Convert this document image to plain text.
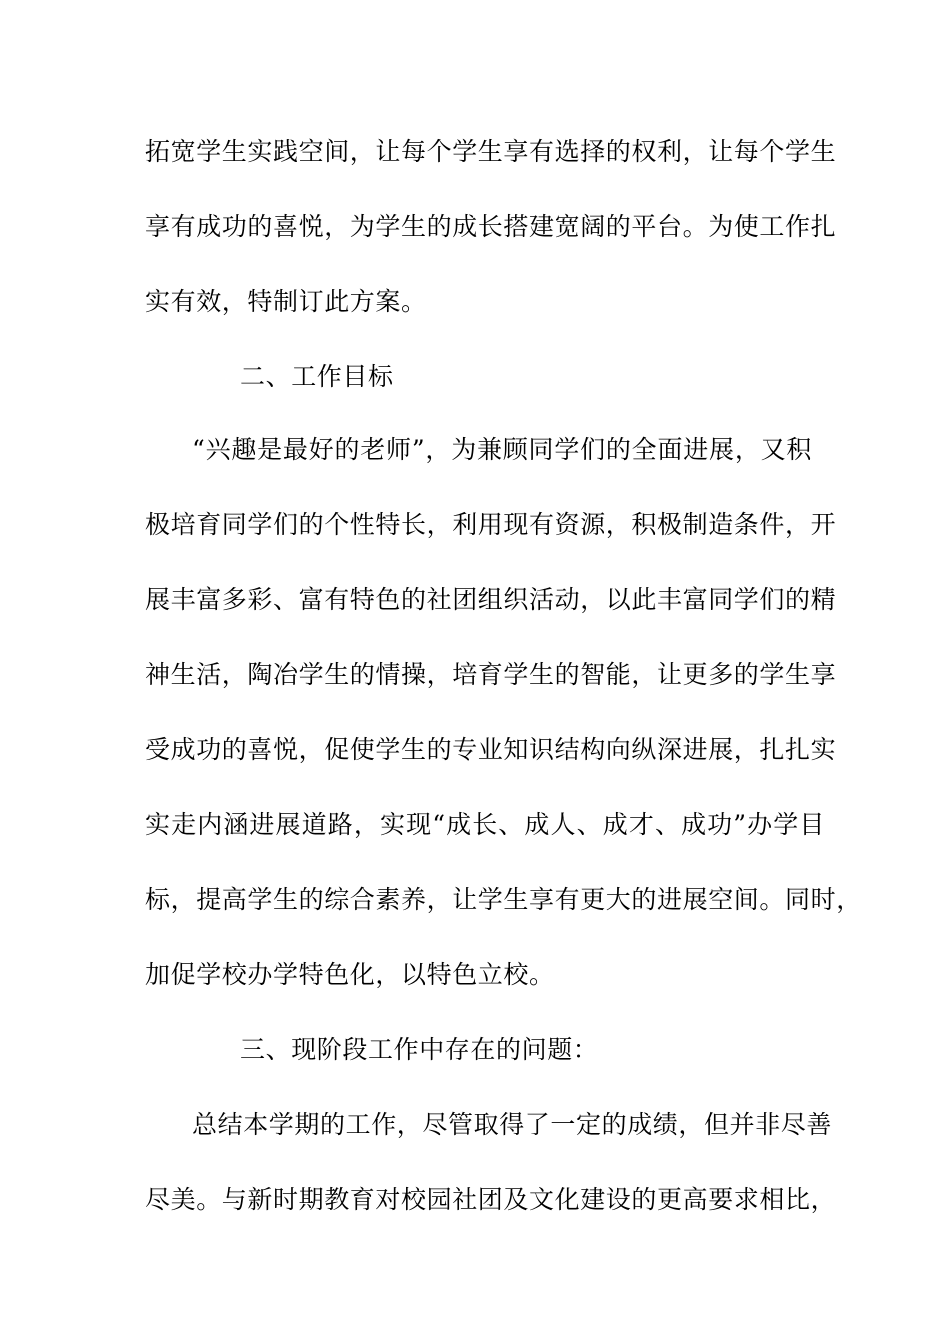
拓宽学生实践空间，让每个学生享有选择的权利，让每个学生
享有成功的喜悦，为学生的成长搭建宽阔的平台。为使工作扎
实有效，特制订此方案。
二、工作目标
“兴趣是最好的老师”，为兼顾同学们的全面进展，又积
极培育同学们的个性特长，利用现有资源，积极制造条件，开
展丰富多彩、富有特色的社团组织活动，以此丰富同学们的精
神生活，陶冶学生的情操，培育学生的智能，让更多的学生享
受成功的喜悦，促使学生的专业知识结构向纵深进展，扎扎实
实走内涵进展道路，实现“成长、成人、成才、成功”办学目
标，提高学生的综合素养，让学生享有更大的进展空间。同时，
加促学校办学特色化，以特色立校。
三、现阶段工作中存在的问题：
总结本学期的工作，尽管取得了一定的成绩，但并非尽善
尽美。与新时期教育对校园社团及文化建设的更高要求相比，
